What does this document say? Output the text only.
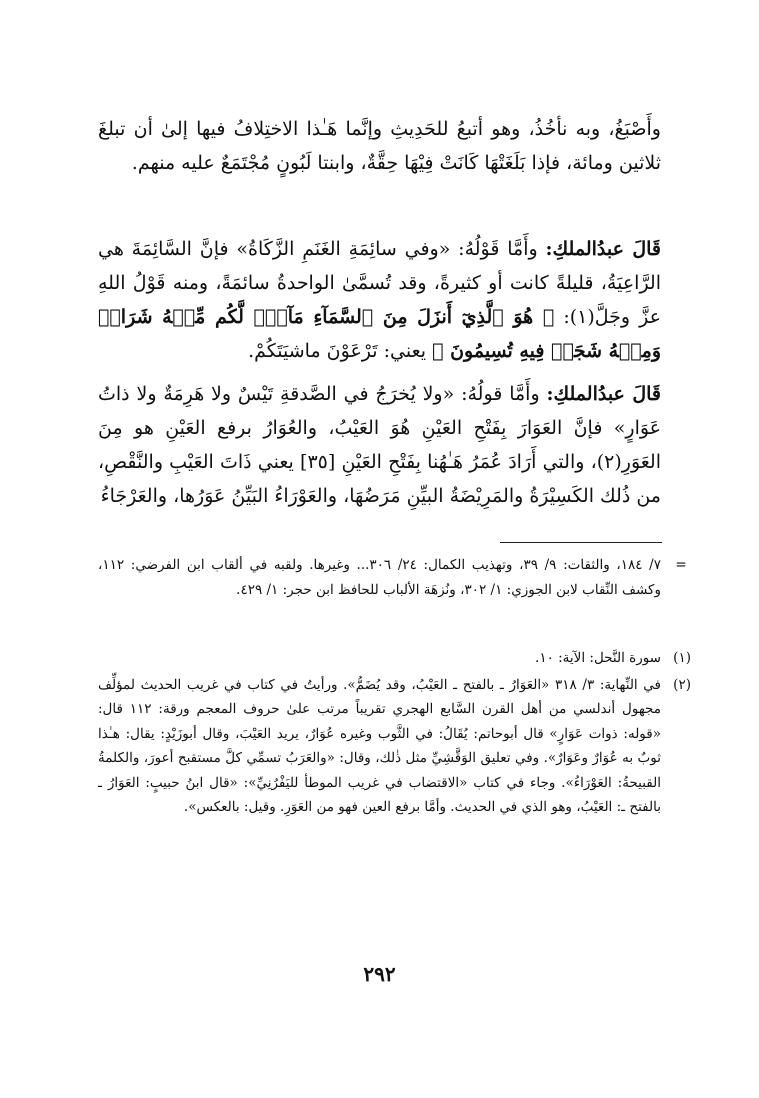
وأَصْبَغُ، وبه نأخُذُ، وهو أتبعُ للحَدِيثِ وإنَّما هَـٰذا الاختِلافُ فيها إلىٰ أن تبلغَ ثلاثين ومائة، فإذا بَلَغَتْهَا كَانَتْ فِيْهَا حِقَّةٌ، وابنتا لَبُونٍ مُجْتَمَعٌ عليه منهم.

قَالَ عبدُالملكِ: وأَمَّا قَوْلُهُ: «وفي سائِمَةِ الغَنَمِ الزَّكَاةُ» فإنَّ السَّائِمَةَ هي الرَّاعِيَةُ، قليلةً كانت أو كثيرةً، وقد تُسمَّىٰ الواحدةُ سائمَةً، ومنه قَوْلُ اللهِ عزَّ وجَلَّ(١): ﴿ هُوَ ٱلَّذِيٓ أَنزَلَ مِنَ ٱلسَّمَآءِ مَآءٗۖ لَّكُم مِّنۡهُ شَرَابٞ وَمِنۡهُ شَجَرٞ فِيهِ تُسِيمُونَ ﴾ يعني: تَرْعَوْنَ ماشيَتَكُمْ.

قَالَ عبدُالملكِ: وأَمَّا قولُهُ: «ولا يُخرَجُ في الصَّدقةِ تَيْسٌ ولا هَرِمَةٌ ولا ذاتُ عَوَارٍ» فإنَّ العَوَارَ بِفَتْحِ العَيْنِ هُوَ العَيْبُ، والعُوَارُ برفع العَيْنِ هو مِنَ العَوَرِ(٢)، والتي أَرَادَ عُمَرُ هَـٰهُنا بِفَتْحِ العَيْنِ [٣٥] يعني ذَاتَ العَيْبِ والنَّقْصِ، من ذُلك الكَسِيْرَةُ والمَرِيْضَةُ البيِّنِ مَرَضُهَا، والعَوْرَاءُ البَيِّنُ عَوَرُها، والعَرْجَاءُ

=
٧/ ١٨٤، والثقات: ٩/ ٣٩، وتهذيب الكمال: ٢٤/ ٣٠٦... وغيرها. ولقبه في ألقاب ابن الفرضي: ١١٢، وكشف النِّقاب لابن الجوزي: ١/ ٣٠٢، ونُزهَة الألباب للحافظ ابن حجر: ١/ ٤٢٩.
(١)
سورة النَّحل: الآية: ١٠.
(٢)
في النِّهاية: ٣/ ٣١٨ «العَوَارُ ـ بالفتح ـ العَيْبُ، وقد يُضَمُّ». ورأيتُ في كتاب في غريب الحديث لمؤلِّف مجهول أندلسي من أهل القرن السَّابع الهجري تقريباً مرتب علىٰ حروف المعجم ورقة: ١١٢ قال: «قوله: ذوات عَوَارٍ» قال أبوحاتم: يُقَالُ: في الثَّوب وغيره عُوَارٌ، يريد العَيْبَ، وقال أبوزَيْدٍ: يقال: هـٰذا ثوبٌ به عُوَارٌ وعَوَارٌ». وفي تعليق الوَقَّشِيِّ مثل ذٰلك، وقال: «والعَرَبُ تسمِّي كلَّ مستقبح أعورَ، والكلمةُ القبيحةُ: العَوْرَاءُ». وجاء في كتاب «الاقتضاب في غريب الموطأ لليَفْرُنِيِّ»: «قال ابنُ حبيبٍ: العَوَارُ ـ بالفتح ـ: العَيْبُ، وهو الذي في الحديث. وأمَّا برفع العين فهو من العَوَرِ. وقيل: بالعكس».
٢٩٢
